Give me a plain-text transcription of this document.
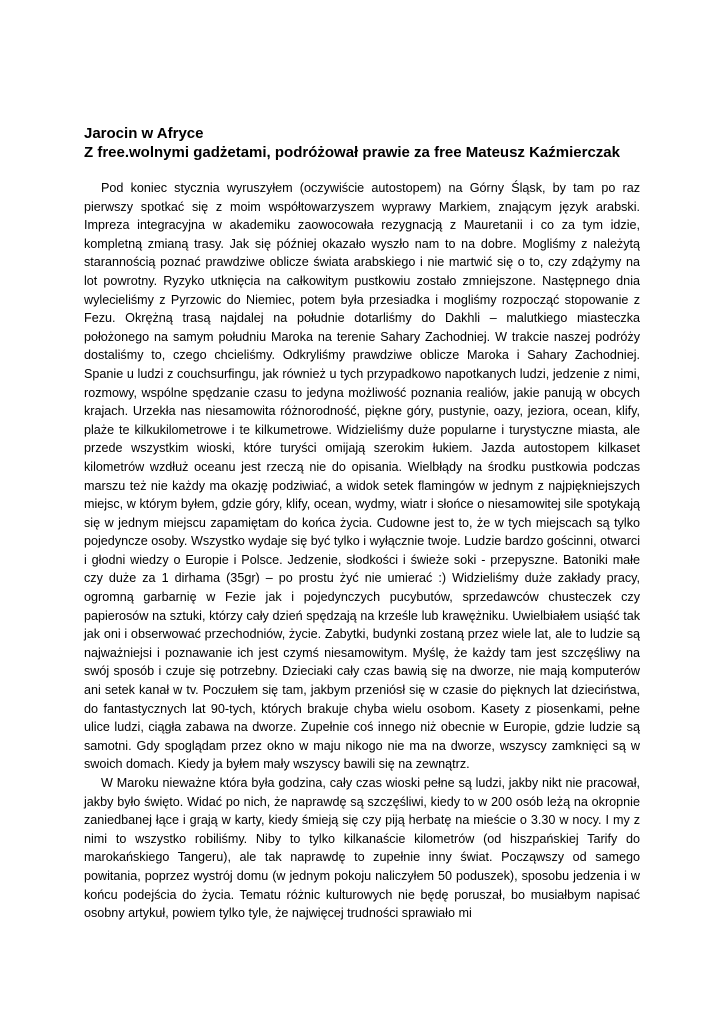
Jarocin w Afryce
Z free.wolnymi gadżetami, podróżował prawie za free Mateusz Kaźmierczak

Pod koniec stycznia wyruszyłem (oczywiście autostopem) na Górny Śląsk, by tam po raz pierwszy spotkać się z moim współtowarzyszem wyprawy Markiem, znającym język arabski. Impreza integracyjna w akademiku zaowocowała rezygnacją z Mauretanii i co za tym idzie, kompletną zmianą trasy. Jak się później okazało wyszło nam to na dobre. Mogliśmy z należytą starannością poznać prawdziwe oblicze świata arabskiego i nie martwić się o to, czy zdążymy na lot powrotny. Ryzyko utknięcia na całkowitym pustkowiu zostało zmniejszone. Następnego dnia wylecieliśmy z Pyrzowic do Niemiec, potem była przesiadka i mogliśmy rozpocząć stopowanie z Fezu. Okrężną trasą najdalej na południe dotarliśmy do Dakhli – malutkiego miasteczka położonego na samym południu Maroka na terenie Sahary Zachodniej. W trakcie naszej podróży dostaliśmy to, czego chcieliśmy. Odkryliśmy prawdziwe oblicze Maroka i Sahary Zachodniej. Spanie u ludzi z couchsurfingu, jak również u tych przypadkowo napotkanych ludzi, jedzenie z nimi, rozmowy, wspólne spędzanie czasu to jedyna możliwość poznania realiów, jakie panują w obcych krajach. Urzekła nas niesamowita różnorodność, piękne góry, pustynie, oazy, jeziora, ocean, klify, plaże te kilkukilometrowe i te kilkumetrowe. Widzieliśmy duże popularne i turystyczne miasta, ale przede wszystkim wioski, które turyści omijają szerokim łukiem. Jazda autostopem kilkaset kilometrów wzdłuż oceanu jest rzeczą nie do opisania. Wielbłądy na środku pustkowia podczas marszu też nie każdy ma okazję podziwiać, a widok setek flamingów w jednym z najpiękniejszych miejsc, w którym byłem, gdzie góry, klify, ocean, wydmy, wiatr i słońce o niesamowitej sile spotykają się w jednym miejscu zapamiętam do końca życia. Cudowne jest to, że w tych miejscach są tylko pojedyncze osoby. Wszystko wydaje się być tylko i wyłącznie twoje. Ludzie bardzo gościnni, otwarci i głodni wiedzy o Europie i Polsce. Jedzenie, słodkości i świeże soki - przepyszne. Batoniki małe czy duże za 1 dirhama (35gr) – po prostu żyć nie umierać :) Widzieliśmy duże zakłady pracy, ogromną garbarnię w Fezie jak i pojedynczych pucybutów, sprzedawców chusteczek czy papierosów na sztuki, którzy cały dzień spędzają na krześle lub krawężniku. Uwielbiałem usiąść tak jak oni i obserwować przechodniów, życie. Zabytki, budynki zostaną przez wiele lat, ale to ludzie są najważniejsi i poznawanie ich jest czymś niesamowitym. Myślę, że każdy tam jest szczęśliwy na swój sposób i czuje się potrzebny. Dzieciaki cały czas bawią się na dworze, nie mają komputerów ani setek kanał w tv. Poczułem się tam, jakbym przeniósł się w czasie do pięknych lat dzieciństwa, do fantastycznych lat 90-tych, których brakuje chyba wielu osobom. Kasety z piosenkami, pełne ulice ludzi, ciągła zabawa na dworze. Zupełnie coś innego niż obecnie w Europie, gdzie ludzie są samotni. Gdy spoglądam przez okno w maju nikogo nie ma na dworze, wszyscy zamknięci są w swoich domach. Kiedy ja byłem mały wszyscy bawili się na zewnątrz.

W Maroku nieważne która była godzina, cały czas wioski pełne są ludzi, jakby nikt nie pracował, jakby było święto. Widać po nich, że naprawdę są szczęśliwi, kiedy to w 200 osób leżą na okropnie zaniedbanej łące i grają w karty, kiedy śmieją się czy piją herbatę na mieście o 3.30 w nocy. I my z nimi to wszystko robiliśmy. Niby to tylko kilkanaście kilometrów (od hiszpańskiej Tarify do marokańskiego Tangeru), ale tak naprawdę to zupełnie inny świat. Począwszy od samego powitania, poprzez wystrój domu (w jednym pokoju naliczyłem 50 poduszek), sposobu jedzenia i w końcu podejścia do życia. Tematu różnic kulturowych nie będę poruszał, bo musiałbym napisać osobny artykuł, powiem tylko tyle, że najwięcej trudności sprawiało mi
